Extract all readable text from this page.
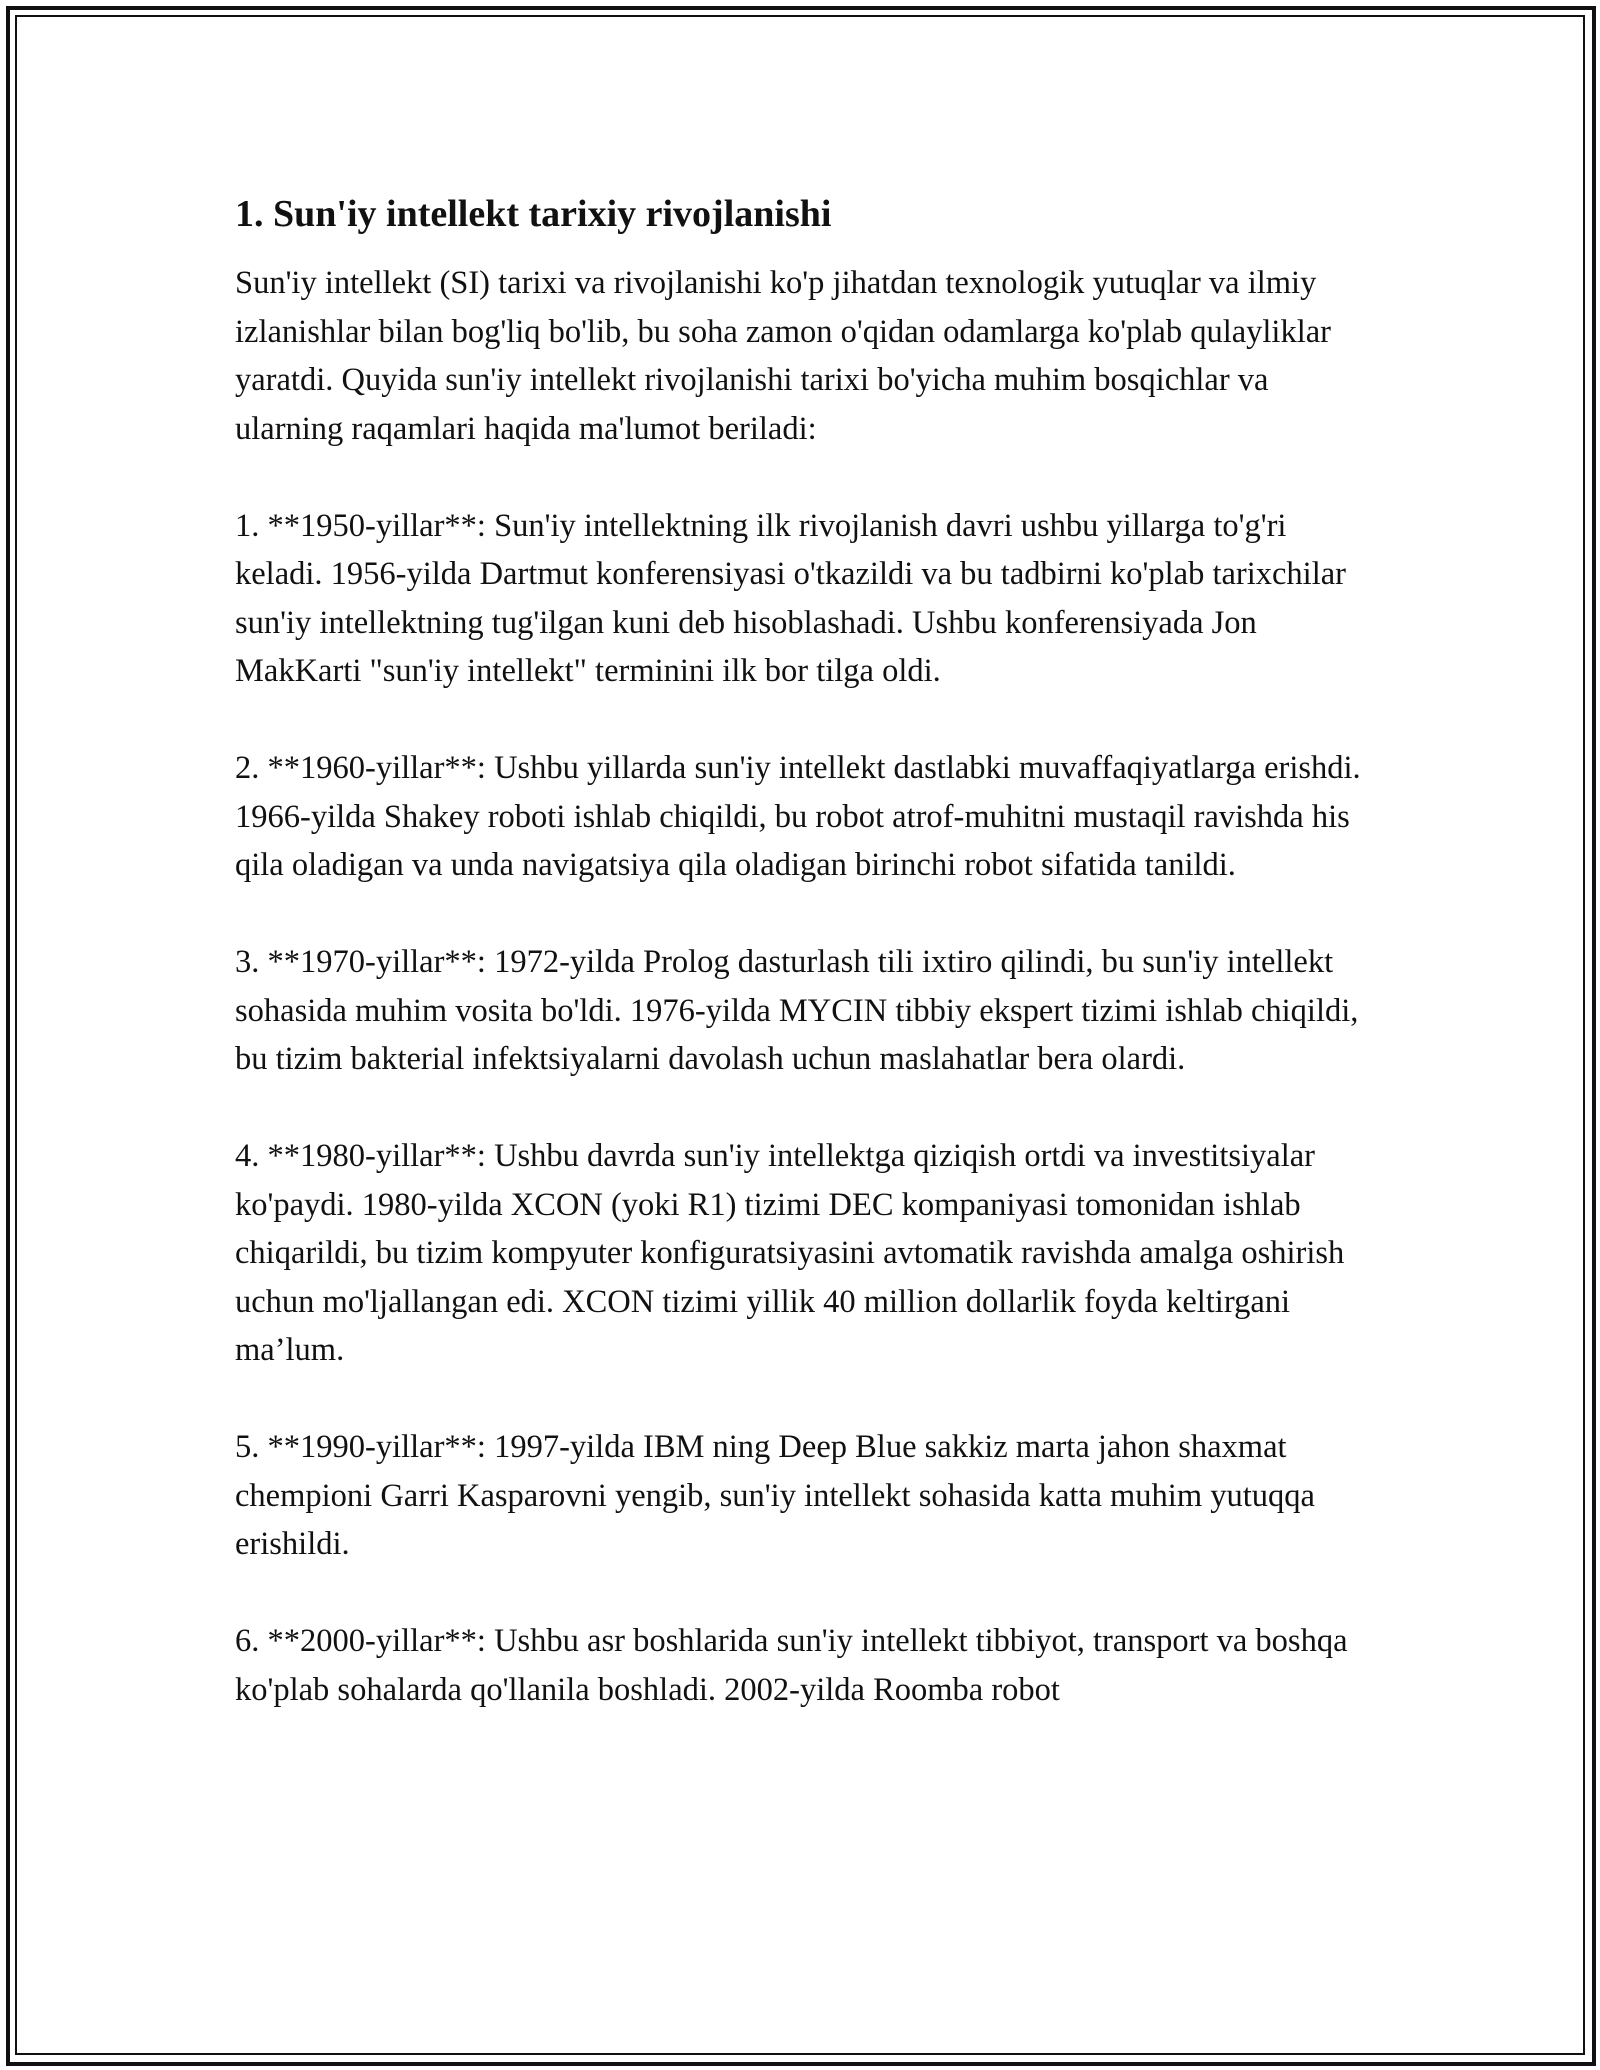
1. Sun'iy intellekt tarixiy rivojlanishi

Sun'iy intellekt (SI) tarixi va rivojlanishi ko'p jihatdan texnologik yutuqlar va ilmiy izlanishlar bilan bog'liq bo'lib, bu soha zamon o'qidan odamlarga ko'plab qulayliklar yaratdi. Quyida sun'iy intellekt rivojlanishi tarixi bo'yicha muhim bosqichlar va ularning raqamlari haqida ma'lumot beriladi:

1. **1950-yillar**: Sun'iy intellektning ilk rivojlanish davri ushbu yillarga to'g'ri keladi. 1956-yilda Dartmut konferensiyasi o'tkazildi va bu tadbirni ko'plab tarixchilar sun'iy intellektning tug'ilgan kuni deb hisoblashadi. Ushbu konferensiyada Jon MakKarti "sun'iy intellekt" terminini ilk bor tilga oldi.

2. **1960-yillar**: Ushbu yillarda sun'iy intellekt dastlabki muvaffaqiyatlarga erishdi. 1966-yilda Shakey roboti ishlab chiqildi, bu robot atrof-muhitni mustaqil ravishda his qila oladigan va unda navigatsiya qila oladigan birinchi robot sifatida tanildi.

3. **1970-yillar**: 1972-yilda Prolog dasturlash tili ixtiro qilindi, bu sun'iy intellekt sohasida muhim vosita bo'ldi. 1976-yilda MYCIN tibbiy ekspert tizimi ishlab chiqildi, bu tizim bakterial infektsiyalarni davolash uchun maslahatlar bera olardi.

4. **1980-yillar**: Ushbu davrda sun'iy intellektga qiziqish ortdi va investitsiyalar ko'paydi. 1980-yilda XCON (yoki R1) tizimi DEC kompaniyasi tomonidan ishlab chiqarildi, bu tizim kompyuter konfiguratsiyasini avtomatik ravishda amalga oshirish uchun mo'ljallangan edi. XCON tizimi yillik 40 million dollarlik foyda keltirgani ma’lum.

5. **1990-yillar**: 1997-yilda IBM ning Deep Blue sakkiz marta jahon shaxmat chempioni Garri Kasparovni yengib, sun'iy intellekt sohasida katta muhim yutuqqa erishildi.

6. **2000-yillar**: Ushbu asr boshlarida sun'iy intellekt tibbiyot, transport va boshqa ko'plab sohalarda qo'llanila boshladi. 2002-yilda Roomba robot
